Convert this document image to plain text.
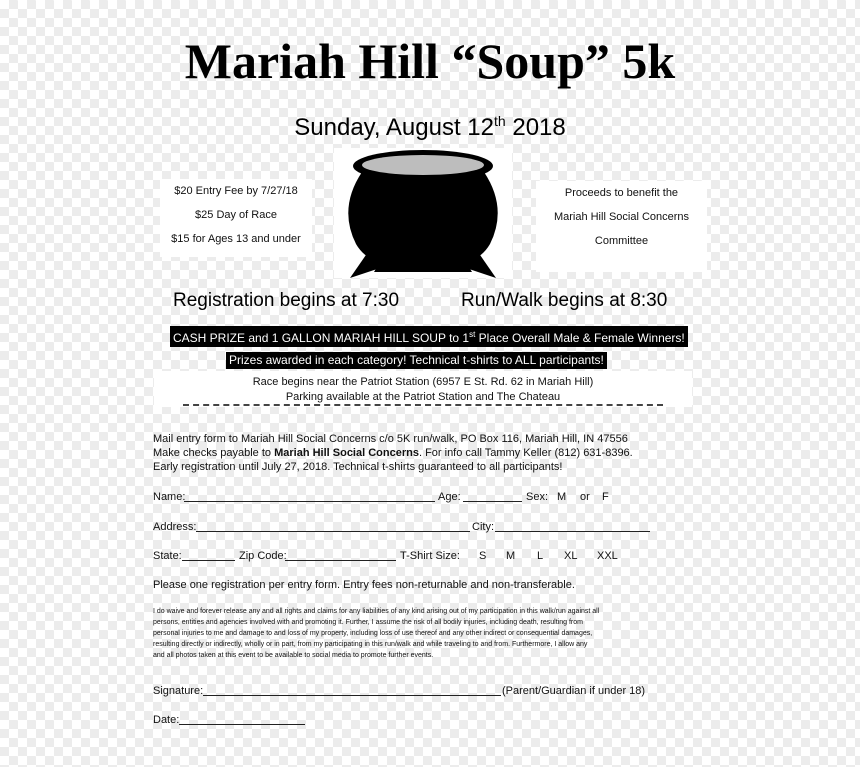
Mariah Hill “Soup” 5k
Sunday, August 12th 2018
$20 Entry Fee by 7/27/18
$25 Day of Race
$15 for Ages 13 and under
Proceeds to benefit the
Mariah Hill Social Concerns
Committee
Registration begins at 7:30	Run/Walk begins at 8:30
CASH PRIZE and 1 GALLON MARIAH HILL SOUP to 1st Place Overall Male & Female Winners!
Prizes awarded in each category! Technical t-shirts to ALL participants!
Race begins near the Patriot Station (6957 E St. Rd. 62 in Mariah Hill)
Parking available at the Patriot Station and The Chateau
Mail entry form to Mariah Hill Social Concerns c/o 5K run/walk, PO Box 116, Mariah Hill, IN 47556
Make checks payable to Mariah Hill Social Concerns. For info call Tammy Keller (812) 631-8396.
Early registration until July 27, 2018. Technical t-shirts guaranteed to all participants!
Name:	Age:	Sex: M or F
Address:	City:
State:	Zip Code:	T-Shirt Size: S M L XL XXL
Please one registration per entry form. Entry fees non-returnable and non-transferable.
I do waive and forever release any and all rights and claims for any liabilities of any kind arising out of my participation in this walk/run against all
persons, entities and agencies involved with and promoting it. Further, I assume the risk of all bodily injuries, including death, resulting from
personal injuries to me and damage to and loss of my property, including loss of use thereof and any other indirect or consequential damages,
resulting directly or indirectly, wholly or in part, from my participating in this run/walk and while traveling to and from. Furthermore, I allow any
and all photos taken at this event to be available to social media to promote further events.
Signature:	(Parent/Guardian if under 18)
Date:
